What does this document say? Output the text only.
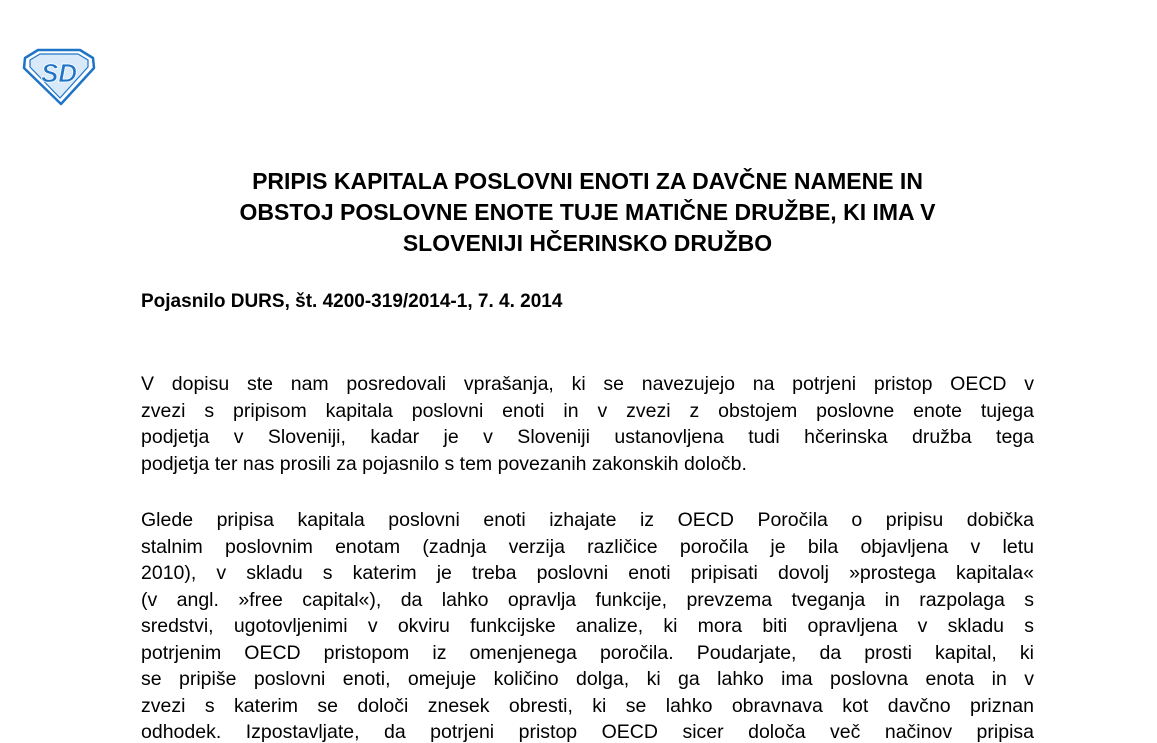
SD
PRIPIS KAPITALA POSLOVNI ENOTI ZA DAVČNE NAMENE IN
OBSTOJ POSLOVNE ENOTE TUJE MATIČNE DRUŽBE, KI IMA V
SLOVENIJI HČERINSKO DRUŽBO

Pojasnilo DURS, št. 4200-319/2014-1, 7. 4. 2014

V dopisu ste nam posredovali vprašanja, ki se navezujejo na potrjeni pristop OECD v
zvezi s pripisom kapitala poslovni enoti in v zvezi z obstojem poslovne enote tujega
podjetja v Sloveniji, kadar je v Sloveniji ustanovljena tudi hčerinska družba tega
podjetja ter nas prosili za pojasnilo s tem povezanih zakonskih določb.

Glede pripisa kapitala poslovni enoti izhajate iz OECD Poročila o pripisu dobička
stalnim poslovnim enotam (zadnja verzija različice poročila je bila objavljena v letu
2010), v skladu s katerim je treba poslovni enoti pripisati dovolj »prostega kapitala«
(v angl. »free capital«), da lahko opravlja funkcije, prevzema tveganja in razpolaga s
sredstvi, ugotovljenimi v okviru funkcijske analize, ki mora biti opravljena v skladu s
potrjenim OECD pristopom iz omenjenega poročila. Poudarjate, da prosti kapital, ki
se pripiše poslovni enoti, omejuje količino dolga, ki ga lahko ima poslovna enota in v
zvezi s katerim se določi znesek obresti, ki se lahko obravnava kot davčno priznan
odhodek. Izpostavljate, da potrjeni pristop OECD sicer določa več načinov pripisa
